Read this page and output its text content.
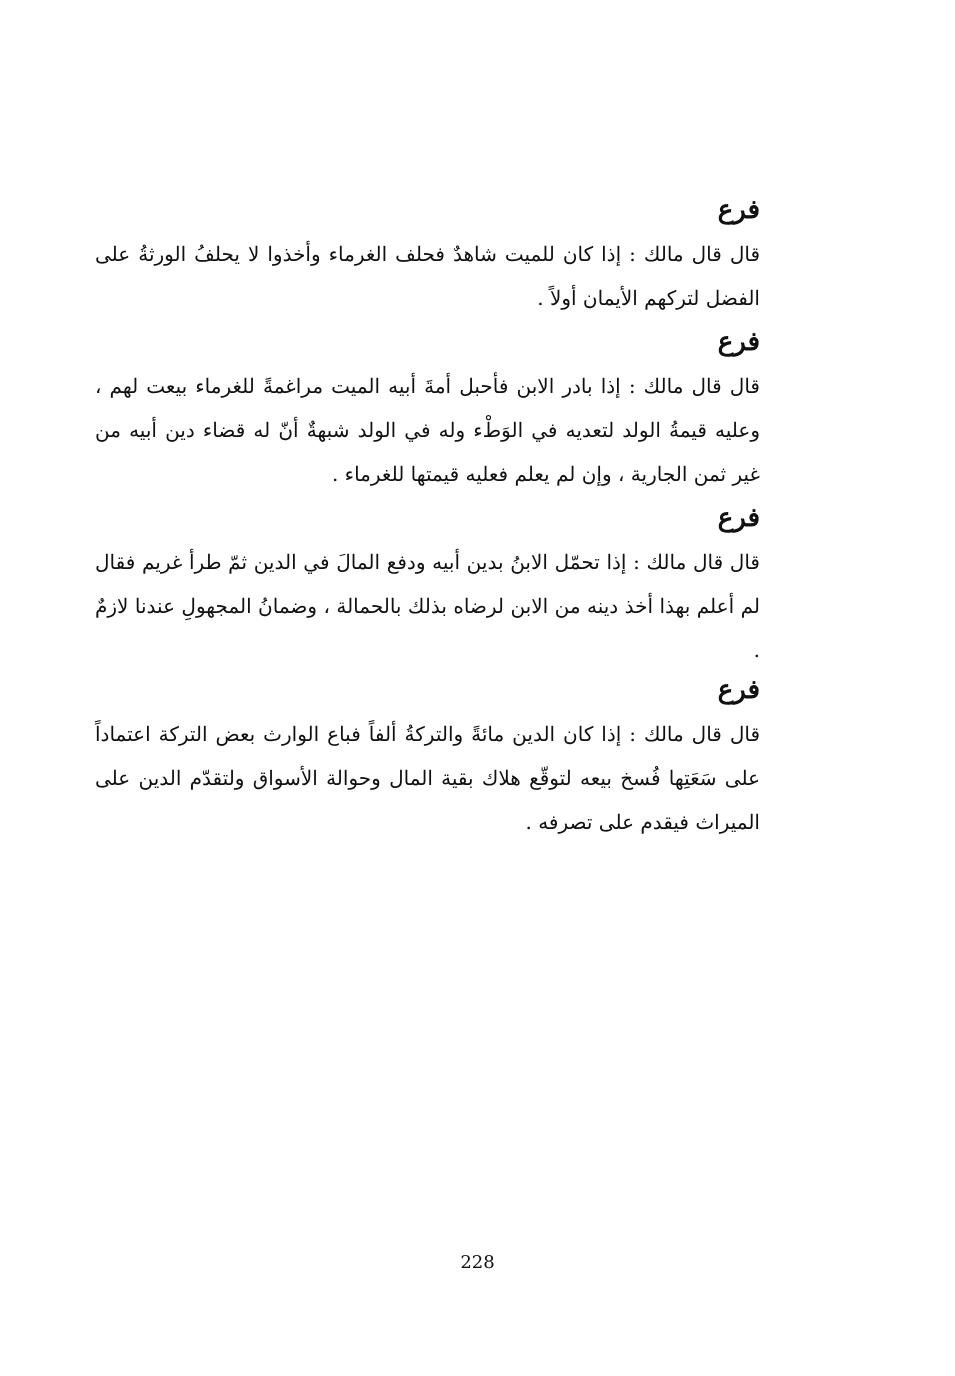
فرع
قال قال مالك : إذا كان للميت شاهدٌ فحلف الغرماء وأخذوا لا يحلفُ الورثةُ على الفضل لتركهم الأيمان أولاً .
فرع
قال قال مالك : إذا بادر الابن فأحبل أمةَ أبيه الميت مراغمةً للغرماء بيعت لهم ، وعليه قيمةُ الولد لتعديه في الوَطْء وله في الولد شبهةٌ أنّ له قضاء دين أبيه من غير ثمن الجارية ، وإن لم يعلم فعليه قيمتها للغرماء .
فرع
قال قال مالك : إذا تحمّل الابنُ بدين أبيه ودفع المالَ في الدين ثمّ طرأ غريم فقال لم أعلم بهذا أخذ دينه من الابن لرضاه بذلك بالحمالة ، وضمانُ المجهولِ عندنا لازمٌ .
فرع
قال قال مالك : إذا كان الدين مائةً والتركةُ ألفاً فباع الوارث بعض التركة اعتماداً على سَعَتِها فُسخ بيعه لتوقّع هلاك بقية المال وحوالة الأسواق ولتقدّم الدين على الميراث فيقدم على تصرفه .
228
